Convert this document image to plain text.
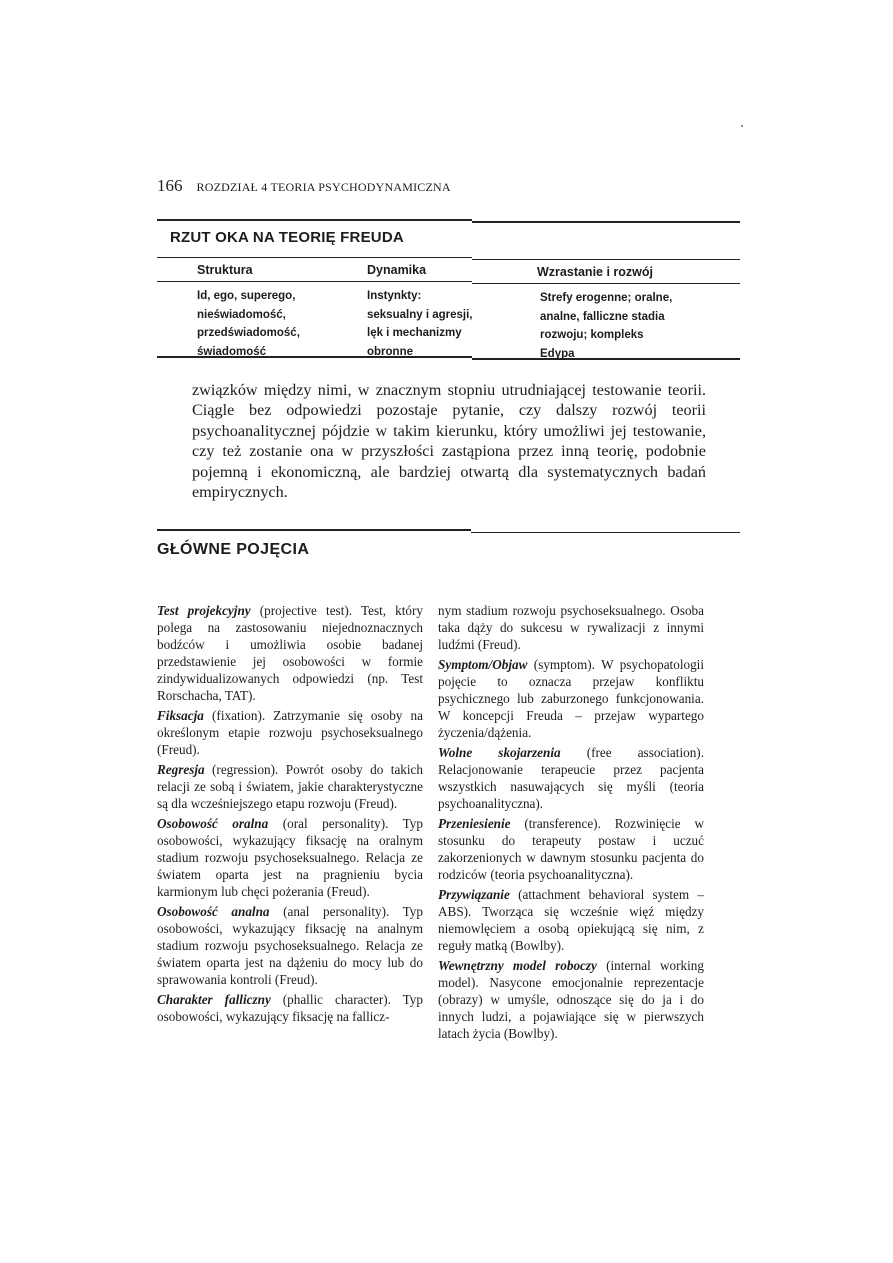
166 ROZDZIAŁ 4 TEORIA PSYCHODYNAMICZNA
RZUT OKA NA TEORIĘ FREUDA
Struktura	Dynamika	Wzrastanie i rozwój
Id, ego, superego,
nieświadomość,
przedświadomość,
świadomość
Instynkty:
seksualny i agresji,
lęk i mechanizmy
obronne
Strefy erogenne; oralne,
analne, falliczne stadia
rozwoju; kompleks
Edypa

związków między nimi, w znacznym stopniu utrudniającej testowanie teorii. Ciągle bez odpowiedzi pozostaje pytanie, czy dalszy rozwój teorii psychoanalitycznej pójdzie w takim kierunku, który umożliwi jej testowanie, czy też zostanie ona w przyszłości zastąpiona przez inną teorię, podobnie pojemną i ekonomiczną, ale bardziej otwartą dla systematycznych badań empirycznych.

GŁÓWNE POJĘCIA

Test projekcyjny (projective test). Test, który polega na zastosowaniu niejednoznacznych bodźców i umożliwia osobie badanej przedstawienie jej osobowości w formie zindywidualizowanych odpowiedzi (np. Test Rorschacha, TAT).

Fiksacja (fixation). Zatrzymanie się osoby na określonym etapie rozwoju psychoseksualnego (Freud).

Regresja (regression). Powrót osoby do takich relacji ze sobą i światem, jakie charakterystyczne są dla wcześniejszego etapu rozwoju (Freud).

Osobowość oralna (oral personality). Typ osobowości, wykazujący fiksację na oralnym stadium rozwoju psychoseksualnego. Relacja ze światem oparta jest na pragnieniu bycia karmionym lub chęci pożerania (Freud).

Osobowość analna (anal personality). Typ osobowości, wykazujący fiksację na analnym stadium rozwoju psychoseksualnego. Relacja ze światem oparta jest na dążeniu do mocy lub do sprawowania kontroli (Freud).

Charakter falliczny (phallic character). Typ osobowości, wykazujący fiksację na fallicz-

nym stadium rozwoju psychoseksualnego. Osoba taka dąży do sukcesu w rywalizacji z innymi ludźmi (Freud).

Symptom/Objaw (symptom). W psychopatologii pojęcie to oznacza przejaw konfliktu psychicznego lub zaburzonego funkcjonowania. W koncepcji Freuda – przejaw wypartego życzenia/dążenia.

Wolne skojarzenia (free association). Relacjonowanie terapeucie przez pacjenta wszystkich nasuwających się myśli (teoria psychoanalityczna).

Przeniesienie (transference). Rozwinięcie w stosunku do terapeuty postaw i uczuć zakorzenionych w dawnym stosunku pacjenta do rodziców (teoria psychoanalityczna).

Przywiązanie (attachment behavioral system – ABS). Tworząca się wcześnie więź między niemowlęciem a osobą opiekującą się nim, z reguły matką (Bowlby).

Wewnętrzny model roboczy (internal working model). Nasycone emocjonalnie reprezentacje (obrazy) w umyśle, odnoszące się do ja i do innych ludzi, a pojawiające się w pierwszych latach życia (Bowlby).
